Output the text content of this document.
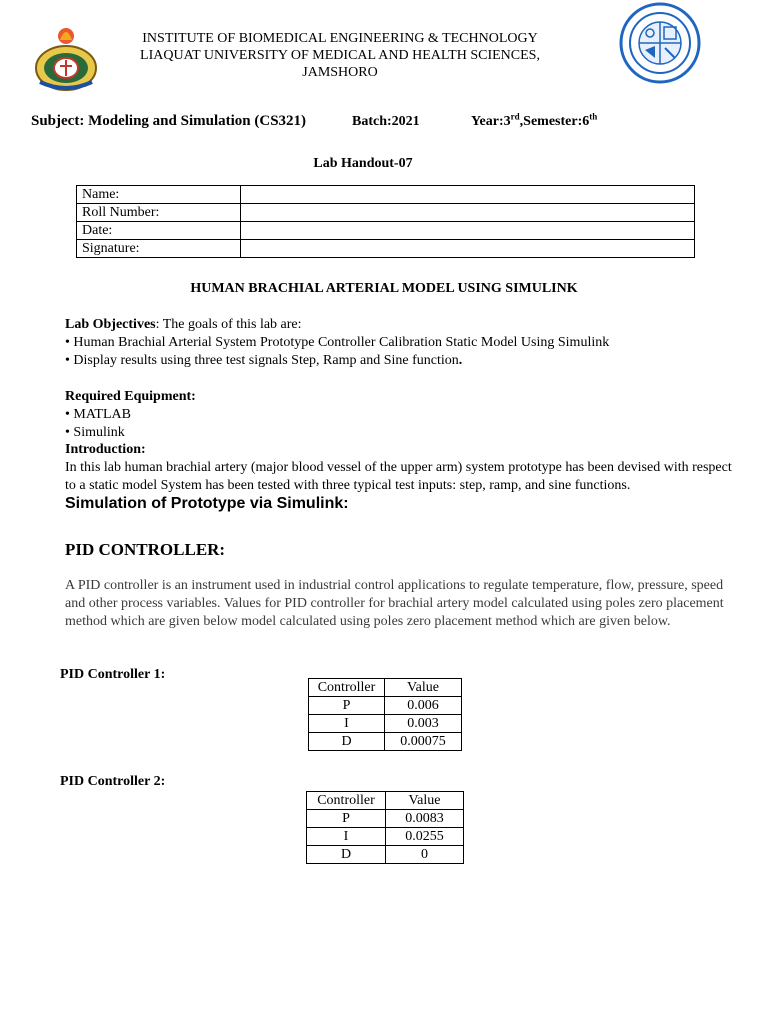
INSTITUTE OF BIOMEDICAL ENGINEERING & TECHNOLOGY
LIAQUAT UNIVERSITY OF MEDICAL AND HEALTH SCIENCES,
JAMSHORO
Subject: Modeling and Simulation (CS321)	Batch:2021	Year:3rd,Semester:6th
Lab Handout-07
Name:	
Roll Number:	
Date:	
Signature:	
HUMAN BRACHIAL ARTERIAL MODEL USING SIMULINK
Lab Objectives: The goals of this lab are:
• Human Brachial Arterial System Prototype Controller Calibration Static Model Using Simulink
• Display results using three test signals Step, Ramp and Sine function.
Required Equipment:
• MATLAB
• Simulink
Introduction:
In this lab human brachial artery (major blood vessel of the upper arm) system prototype has been devised with respect to a static model System has been tested with three typical test inputs: step, ramp, and sine functions.
Simulation of Prototype via Simulink:
PID CONTROLLER:
A PID controller is an instrument used in industrial control applications to regulate temperature, flow, pressure, speed and other process variables. Values for PID controller for brachial artery model calculated using poles zero placement method which are given below model calculated using poles zero placement method which are given below.
PID Controller 1:
Controller	Value
P	0.006
I	0.003
D	0.00075
PID Controller 2:
Controller	Value
P	0.0083
I	0.0255
D	0
